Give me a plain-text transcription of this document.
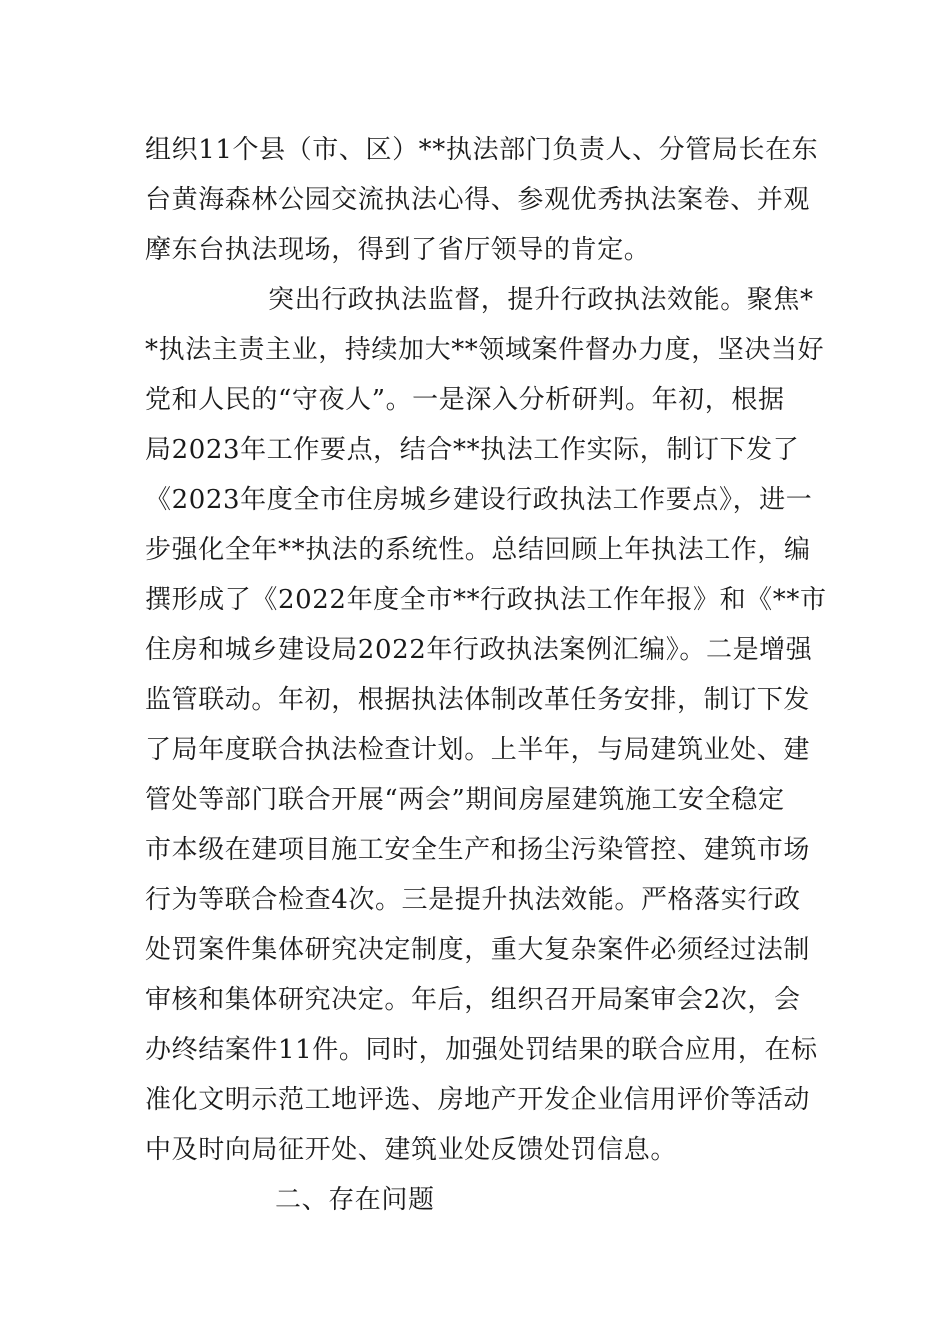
组织11个县（市、区）**执法部门负责人、分管局长在东
台黄海森林公园交流执法心得、参观优秀执法案卷、并观
摩东台执法现场，得到了省厅领导的肯定。
突出行政执法监督，提升行政执法效能。聚焦*
*执法主责主业，持续加大**领域案件督办力度，坚决当好
党和人民的“守夜人”。一是深入分析研判。年初，根据
局2023年工作要点，结合**执法工作实际，制订下发了
《2023年度全市住房城乡建设行政执法工作要点》，进一
步强化全年**执法的系统性。总结回顾上年执法工作，编
撰形成了《2022年度全市**行政执法工作年报》和《**市
住房和城乡建设局2022年行政执法案例汇编》。二是增强
监管联动。年初，根据执法体制改革任务安排，制订下发
了局年度联合执法检查计划。上半年，与局建筑业处、建
管处等部门联合开展“两会”期间房屋建筑施工安全稳定
市本级在建项目施工安全生产和扬尘污染管控、建筑市场
行为等联合检查4次。三是提升执法效能。严格落实行政
处罚案件集体研究决定制度，重大复杂案件必须经过法制
审核和集体研究决定。年后，组织召开局案审会2次，会
办终结案件11件。同时，加强处罚结果的联合应用，在标
准化文明示范工地评选、房地产开发企业信用评价等活动
中及时向局征开处、建筑业处反馈处罚信息。
二、存在问题
